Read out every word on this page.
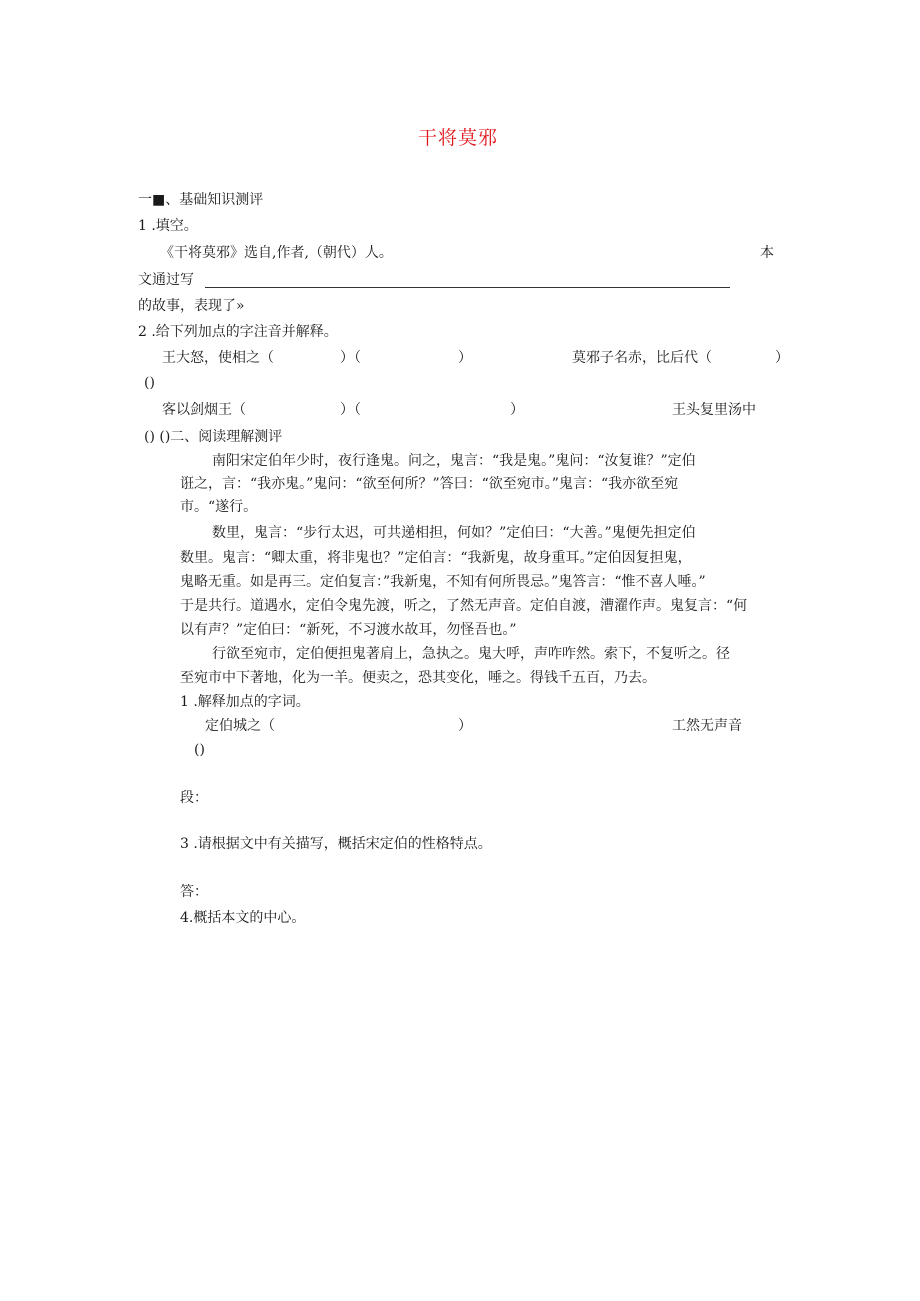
干将莫邪
一■、基础知识测评
1 .填空。
《干将莫邪》选自,作者,（朝代）人。	本
文通过写
的故事，表现了»
2 .给下列加点的字注音并解释。
王大怒，使相之（	）（	）	莫邪子名赤，比后代（	）
()
客以剑烟王（	）（	）	王头复里汤中
() ()二、阅读理解测评
南阳宋定伯年少时，夜行逢鬼。问之，鬼言：“我是鬼。”鬼问：“汝复谁？”定伯
诳之，言：“我亦鬼。”鬼问：“欲至何所？”答曰：“欲至宛市。”鬼言：“我亦欲至宛
市。“遂行。
数里，鬼言：“步行太迟，可共递相担，何如？”定伯曰：“大善。”鬼便先担定伯
数里。鬼言：“卿太重，将非鬼也？”定伯言：“我新鬼，故身重耳。”定伯因复担鬼，
鬼略无重。如是再三。定伯复言：”我新鬼，不知有何所畏忌。”鬼答言：“惟不喜人唾。”
于是共行。道遇水，定伯令鬼先渡，听之，了然无声音。定伯自渡，漕濯作声。鬼复言：“何
以有声？”定伯曰：“新死，不习渡水故耳，勿怪吾也。”
行欲至宛市，定伯便担鬼著肩上，急执之。鬼大呼，声咋咋然。索下，不复听之。径
至宛市中下著地，化为一羊。便卖之，恐其变化，唾之。得钱千五百，乃去。
1 .解释加点的字词。
定伯城之（	）	工然无声音
()
段：
3 .请根据文中有关描写，概括宋定伯的性格特点。
答：
4.概括本文的中心。
